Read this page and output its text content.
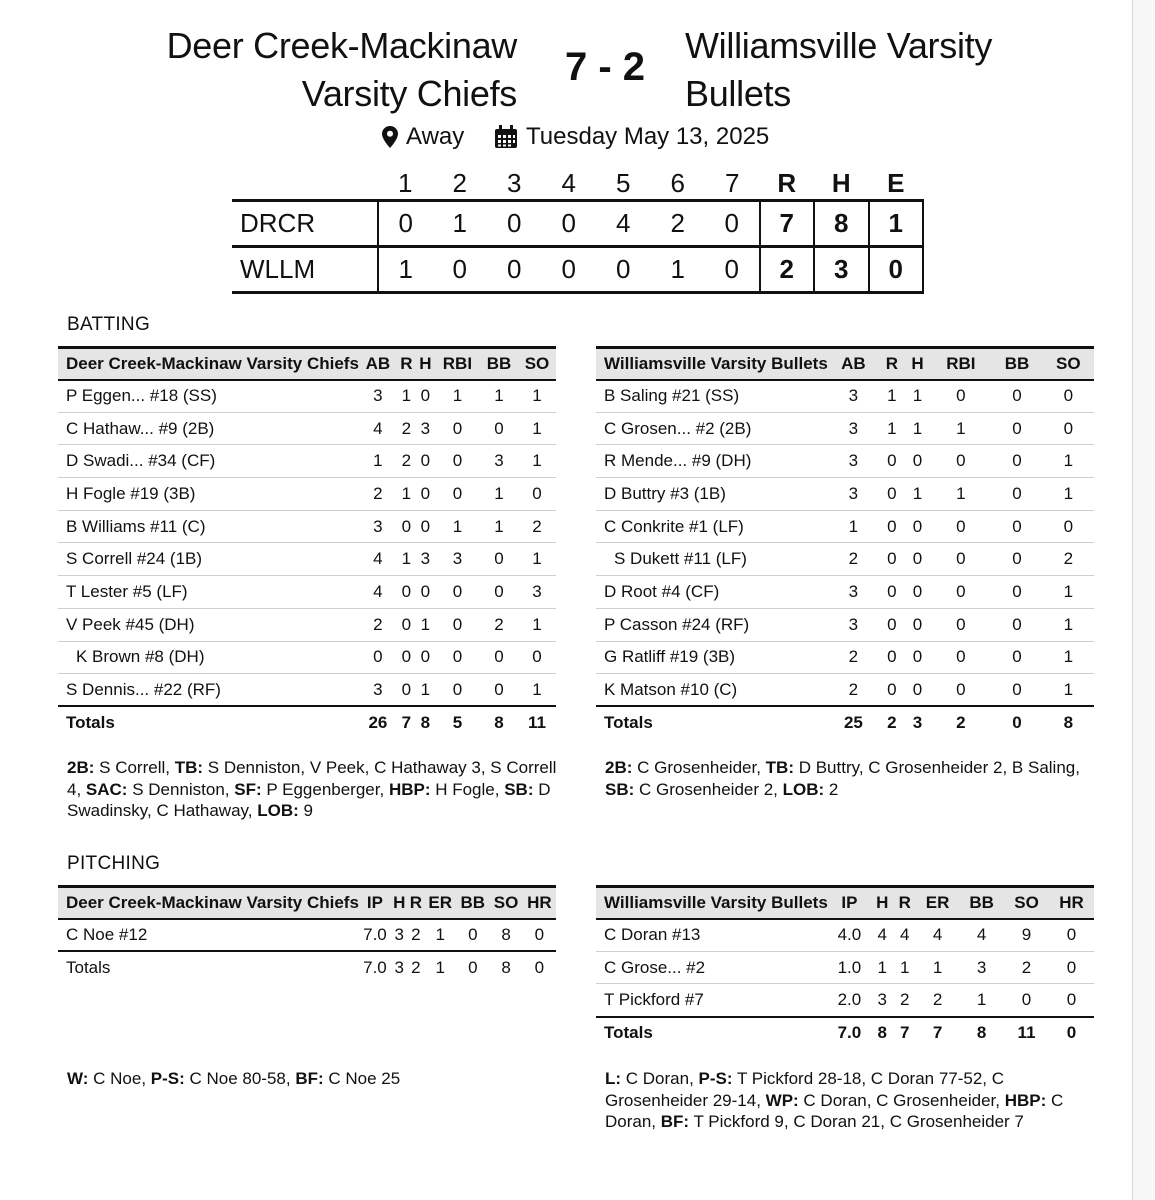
Deer Creek-Mackinaw
Varsity Chiefs
7 - 2 Williamsville Varsity
Bullets
Away	Tuesday May 13, 2025
	1	2	3	4	5	6	7	R	H	E
DRCR	0	1	0	0	4	2	0	7	8	1
WLLM	1	0	0	0	0	1	0	2	3	0
BATTING
Deer Creek-Mackinaw Varsity Chiefs	AB	R	H	RBI	BB	SO
P Eggen... #18 (SS)	3	1	0	1	1	1
C Hathaw... #9 (2B)	4	2	3	0	0	1
D Swadi... #34 (CF)	1	2	0	0	3	1
H Fogle #19 (3B)	2	1	0	0	1	0
B Williams #11 (C)	3	0	0	1	1	2
S Correll #24 (1B)	4	1	3	3	0	1
T Lester #5 (LF)	4	0	0	0	0	3
V Peek #45 (DH)	2	0	1	0	2	1
K Brown #8 (DH)	0	0	0	0	0	0
S Dennis... #22 (RF)	3	0	1	0	0	1
Totals	26	7	8	5	8	11
Williamsville Varsity Bullets	AB	R	H	RBI	BB	SO
B Saling #21 (SS)	3	1	1	0	0	0
C Grosen... #2 (2B)	3	1	1	1	0	0
R Mende... #9 (DH)	3	0	0	0	0	1
D Buttry #3 (1B)	3	0	1	1	0	1
C Conkrite #1 (LF)	1	0	0	0	0	0
S Dukett #11 (LF)	2	0	0	0	0	2
D Root #4 (CF)	3	0	0	0	0	1
P Casson #24 (RF)	3	0	0	0	0	1
G Ratliff #19 (3B)	2	0	0	0	0	1
K Matson #10 (C)	2	0	0	0	0	1
Totals	25	2	3	2	0	8
2B: S Correll, TB: S Denniston, V Peek, C Hathaway 3, S Correll 4, SAC: S Denniston, SF: P Eggenberger, HBP: H Fogle, SB: D Swadinsky, C Hathaway, LOB: 9
2B: C Grosenheider, TB: D Buttry, C Grosenheider 2, B Saling, SB: C Grosenheider 2, LOB: 2
PITCHING
Deer Creek-Mackinaw Varsity Chiefs	IP	H	R	ER	BB	SO	HR
C Noe #12	7.0	3	2	1	0	8	0
Totals	7.0	3	2	1	0	8	0
Williamsville Varsity Bullets	IP	H	R	ER	BB	SO	HR
C Doran #13	4.0	4	4	4	4	9	0
C Grose... #2	1.0	1	1	1	3	2	0
T Pickford #7	2.0	3	2	2	1	0	0
Totals	7.0	8	7	7	8	11	0
W: C Noe, P-S: C Noe 80-58, BF: C Noe 25	L: C Doran, P-S: T Pickford 28-18, C Doran 77-52, C Grosenheider 29-14, WP: C Doran, C Grosenheider, HBP: C Doran, BF: T Pickford 9, C Doran 21, C Grosenheider 7
